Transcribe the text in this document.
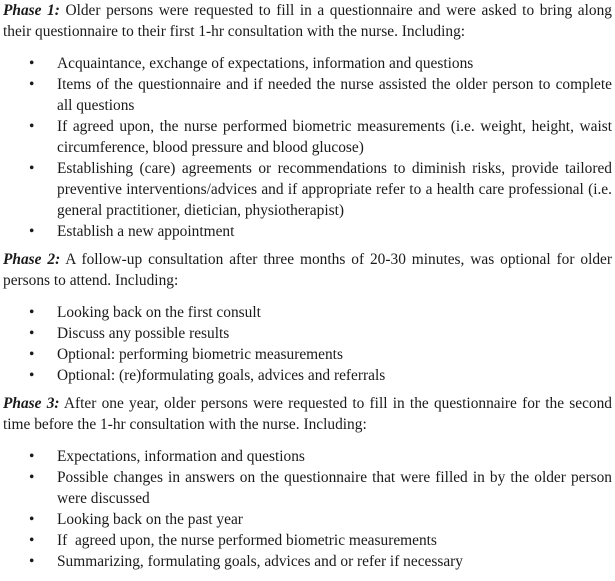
Phase 1: Older persons were requested to fill in a questionnaire and were asked to bring along their questionnaire to their first 1-hr consultation with the nurse. Including:

• Acquaintance, exchange of expectations, information and questions
• Items of the questionnaire and if needed the nurse assisted the older person to complete all questions
• If agreed upon, the nurse performed biometric measurements (i.e. weight, height, waist circumference, blood pressure and blood glucose)
• Establishing (care) agreements or recommendations to diminish risks, provide tailored preventive interventions/advices and if appropriate refer to a health care professional (i.e. general practitioner, dietician, physiotherapist)
• Establish a new appointment

Phase 2: A follow-up consultation after three months of 20-30 minutes, was optional for older persons to attend. Including:

• Looking back on the first consult
• Discuss any possible results
• Optional: performing biometric measurements
• Optional: (re)formulating goals, advices and referrals

Phase 3: After one year, older persons were requested to fill in the questionnaire for the second time before the 1-hr consultation with the nurse. Including:

• Expectations, information and questions
• Possible changes in answers on the questionnaire that were filled in by the older person were discussed
• Looking back on the past year
• If  agreed upon, the nurse performed biometric measurements
• Summarizing, formulating goals, advices and or refer if necessary
